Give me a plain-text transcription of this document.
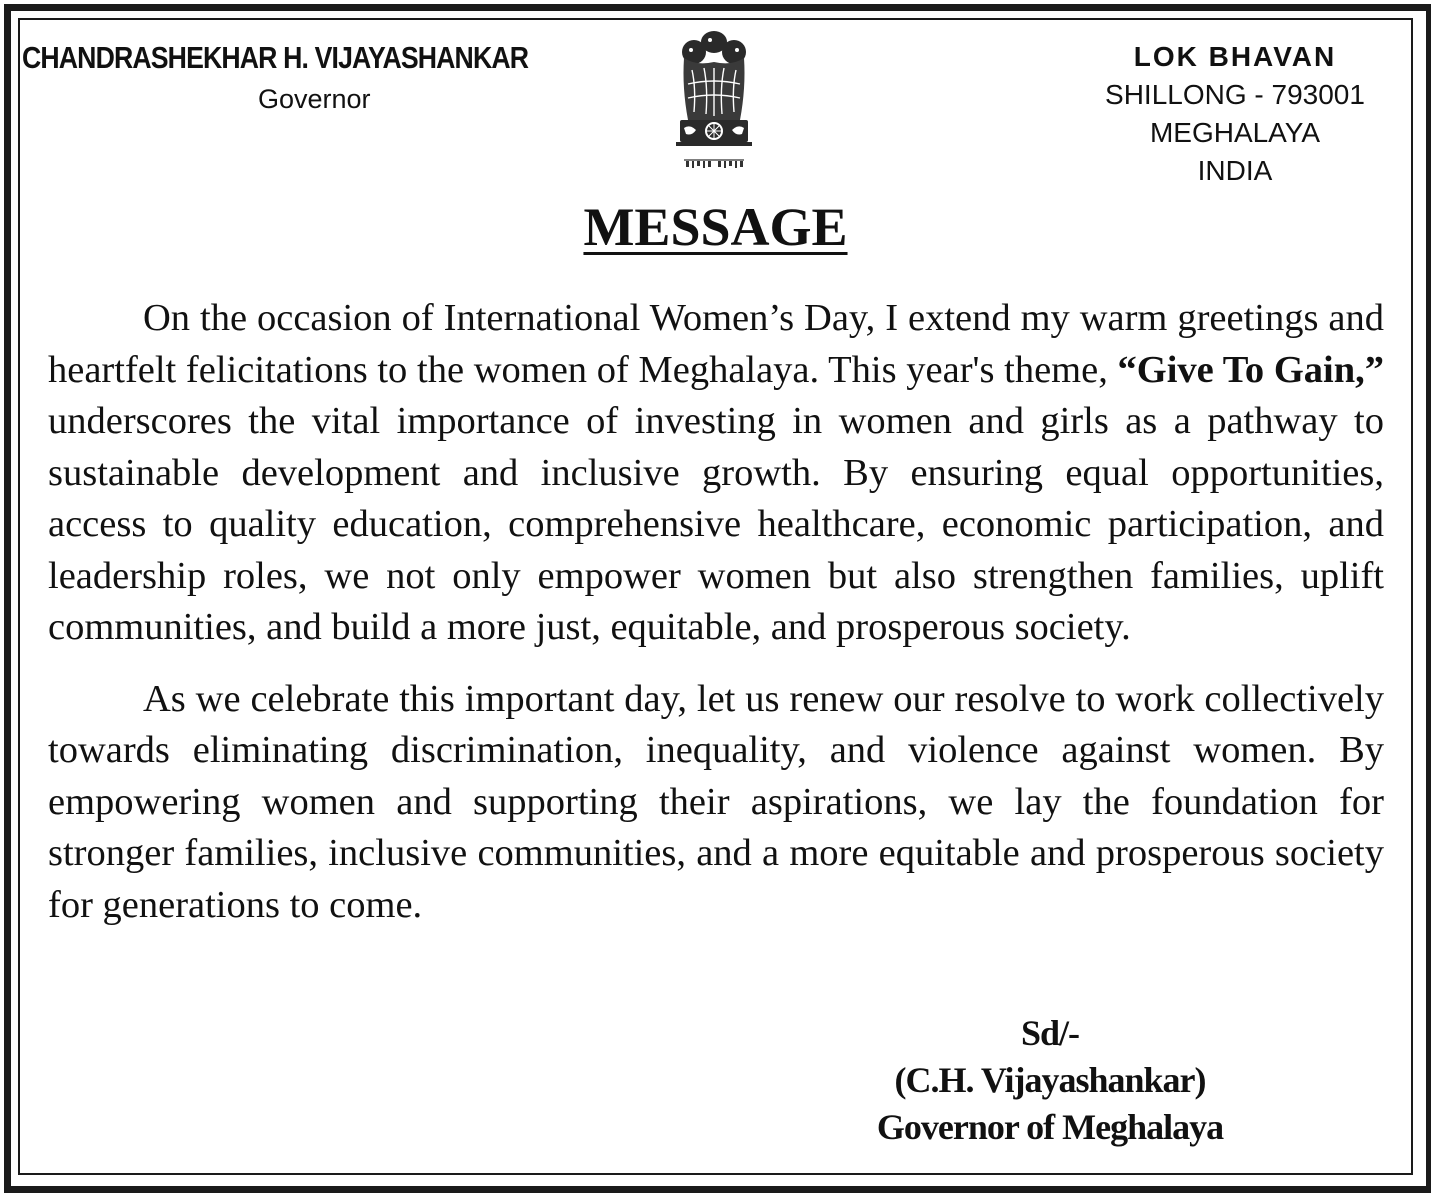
CHANDRASHEKHAR H. VIJAYASHANKAR
Governor
LOK BHAVAN
SHILLONG - 793001
MEGHALAYA
INDIA
MESSAGE

On the occasion of International Women’s Day, I extend my warm greetings and heartfelt felicitations to the women of Meghalaya. This year's theme, “Give To Gain,” underscores the vital importance of investing in women and girls as a pathway to sustainable development and inclusive growth. By ensuring equal opportunities, access to quality education, comprehensive healthcare, economic participation, and leadership roles, we not only empower women but also strengthen families, uplift communities, and build a more just, equitable, and prosperous society.

As we celebrate this important day, let us renew our resolve to work collectively towards eliminating discrimination, inequality, and violence against women. By empowering women and supporting their aspirations, we lay the foundation for stronger families, inclusive communities, and a more equitable and prosperous society for generations to come.

Sd/-
(C.H. Vijayashankar)
Governor of Meghalaya
